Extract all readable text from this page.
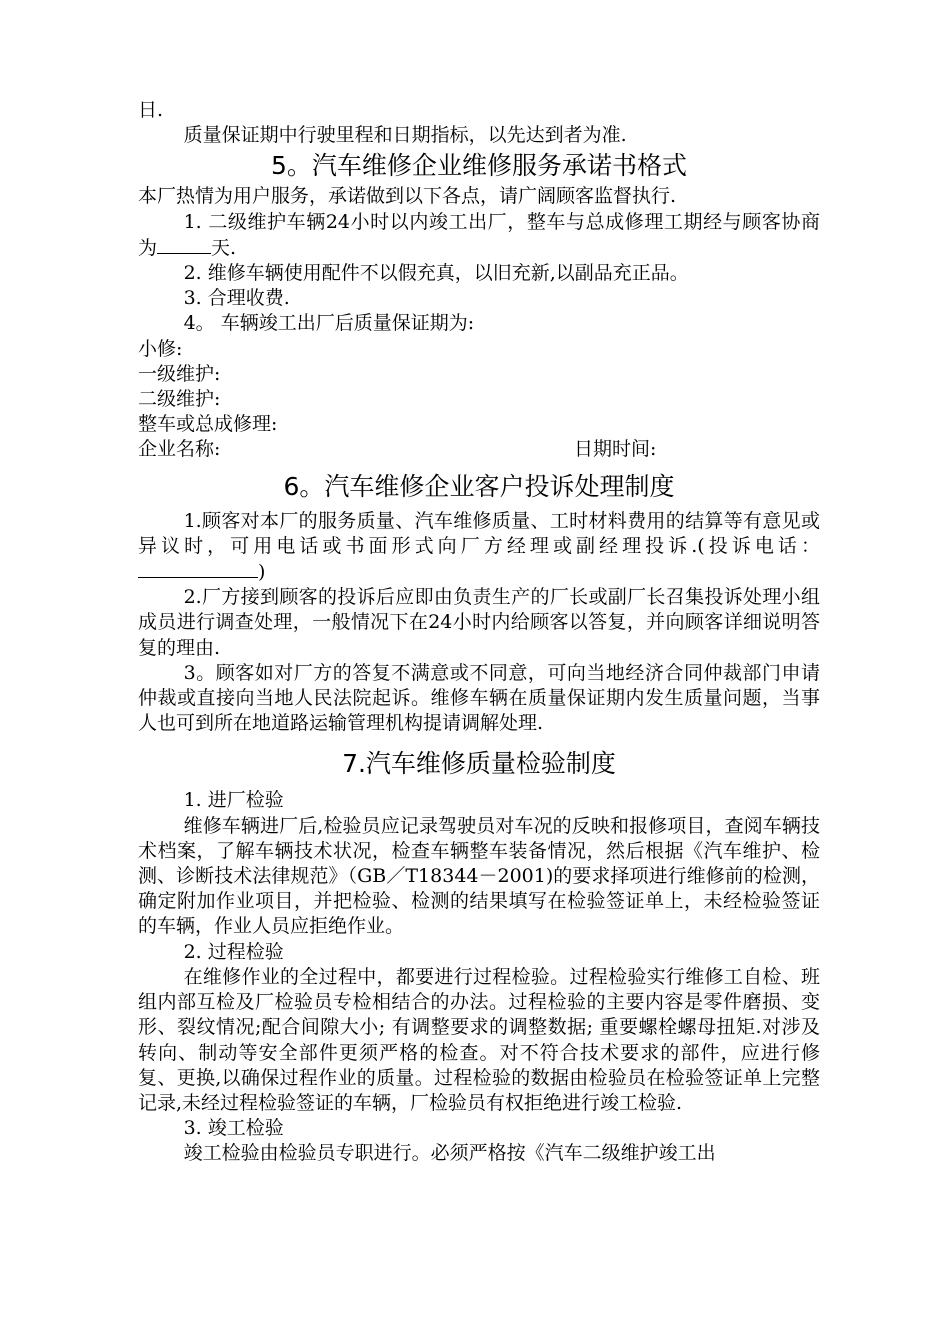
日.

质量保证期中行驶里程和日期指标，以先达到者为准.

5。汽车维修企业维修服务承诺书格式

本厂热情为用户服务，承诺做到以下各点，请广阔顾客监督执行.

1. 二级维护车辆24小时以内竣工出厂，整车与总成修理工期经与顾客协商为	天.

2. 维修车辆使用配件不以假充真，以旧充新,以副品充正品。

3. 合理收费.

4。 车辆竣工出厂后质量保证期为:

小修:

一级维护:

二级维护:

整车或总成修理:

企业名称:	日期时间:
6。汽车维修企业客户投诉处理制度

1.顾客对本厂的服务质量、汽车维修质量、工时材料费用的结算等有意见或异议时，可用电话或书面形式向厂方经理或副经理投诉.(投诉电话：)

2.厂方接到顾客的投诉后应即由负责生产的厂长或副厂长召集投诉处理小组成员进行调查处理，一般情况下在24小时内给顾客以答复，并向顾客详细说明答复的理由.

3。顾客如对厂方的答复不满意或不同意，可向当地经济合同仲裁部门申请仲裁或直接向当地人民法院起诉。维修车辆在质量保证期内发生质量问题，当事人也可到所在地道路运输管理机构提请调解处理.

7.汽车维修质量检验制度

1. 进厂检验

维修车辆进厂后,检验员应记录驾驶员对车况的反映和报修项目，查阅车辆技术档案，了解车辆技术状况，检查车辆整车装备情况，然后根据《汽车维护、检测、诊断技术法律规范》（GB／T18344－2001)的要求择项进行维修前的检测，确定附加作业项目，并把检验、检测的结果填写在检验签证单上，未经检验签证的车辆，作业人员应拒绝作业。

2. 过程检验

在维修作业的全过程中，都要进行过程检验。过程检验实行维修工自检、班组内部互检及厂检验员专检相结合的办法。过程检验的主要内容是零件磨损、变形、裂纹情况;配合间隙大小; 有调整要求的调整数据; 重要螺栓螺母扭矩.对涉及转向、制动等安全部件更须严格的检查。对不符合技术要求的部件，应进行修复、更换,以确保过程作业的质量。过程检验的数据由检验员在检验签证单上完整记录,未经过程检验签证的车辆，厂检验员有权拒绝进行竣工检验.

3. 竣工检验

竣工检验由检验员专职进行。必须严格按《汽车二级维护竣工出
